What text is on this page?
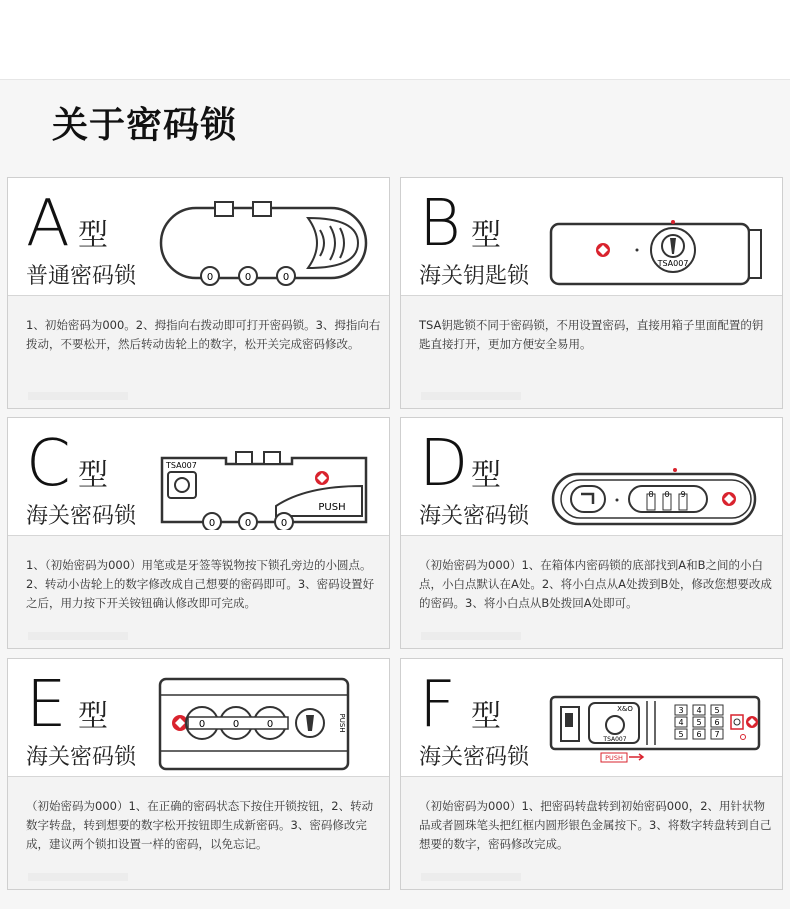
关于密码锁
A 型
普通密码锁	0	0	0
1、初始密码为000。2、拇指向右拨动即可打开密码锁。3、拇指向右拨动，不要松开，然后转动齿轮上的数字，松开关完成密码修改。
B 型
海关钥匙锁
TSA007
TSA钥匙锁不同于密码锁，不用设置密码，直接用箱子里面配置的钥匙直接打开，更加方便安全易用。
C 型
海关密码锁
TSA007
PUSH
0	0	0
1、（初始密码为000）用笔或是牙签等锐物按下锁孔旁边的小圆点。2、转动小齿轮上的数字修改成自己想要的密码即可。3、密码设置好之后，用力按下开关铵钮确认修改即可完成。
D 型
海关密码锁
8 0 9
（初始密码为000）1、在箱体内密码锁的底部找到A和B之间的小白点，小白点默认在A处。2、将小白点从A处拨到B处，修改您想要改成的密码。3、将小白点从B处拨回A处即可。
E 型
海关密码锁
0	0	0	PUSH
（初始密码为000）1、在正确的密码状态下按住开锁按钮，2、转动数字转盘，转到想要的数字松开按钮即生成新密码。3、密码修改完成，建议两个锁扣设置一样的密码，以免忘记。
F 型
海关密码锁
X&O
TSA007
3 4 5
4 5 6
5 6 7
PUSH
（初始密码为000）1、把密码转盘转到初始密码000，2、用针状物品或者圆珠笔头把红框内圆形银色金属按下。3、将数字转盘转到自己想要的数字，密码修改完成。
